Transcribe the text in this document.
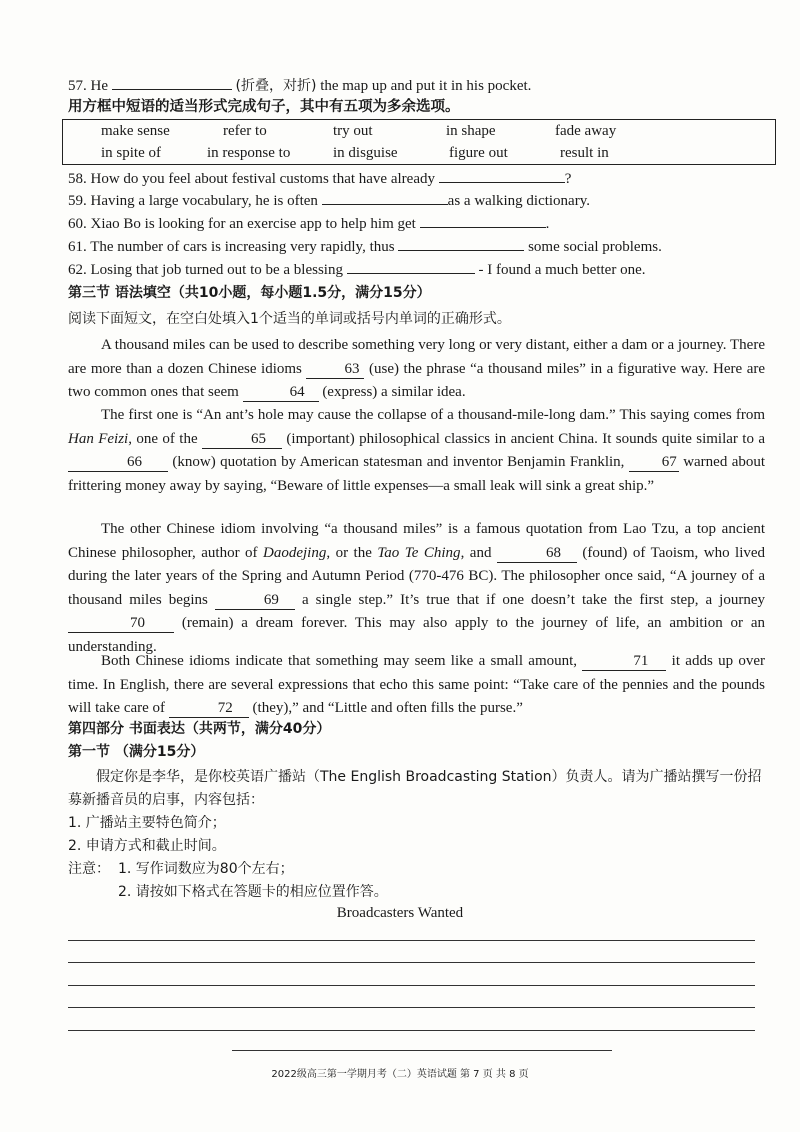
57. He	(折叠，对折) the map up and put it in his pocket.
用方框中短语的适当形式完成句子，其中有五项为多余选项。
make sense	refer to	try out	in shape	fade away
in spite of	in response to	in disguise	figure out	result in
58. How do you feel about festival customs that have already	?
59. Having a large vocabulary, he is often	as a walking dictionary.
60. Xiao Bo is looking for an exercise app to help him get	.
61. The number of cars is increasing very rapidly, thus	some social problems.
62. Losing that job turned out to be a blessing	- I found a much better one.
第三节 语法填空（共10小题，每小题1.5分，满分15分）
阅读下面短文，在空白处填入1个适当的单词或括号内单词的正确形式。
A thousand miles can be used to describe something very long or very distant, either a dam or a journey. There are more than a dozen Chinese idioms	63 (use) the phrase “a thousand miles” in a figurative way. Here are two common ones that seem	64 (express) a similar idea.
The first one is “An ant’s hole may cause the collapse of a thousand-mile-long dam.” This saying comes from Han Feizi, one of the	65 (important) philosophical classics in ancient China. It sounds quite similar to a 66 (know) quotation by American statesman and inventor Benjamin Franklin, 67 warned about frittering money away by saying, “Beware of little expenses—a small leak will sink a great ship.”
The other Chinese idiom involving “a thousand miles” is a famous quotation from Lao Tzu, a top ancient Chinese philosopher, author of Daodejing, or the Tao Te Ching, and	68 (found) of Taoism, who lived during the later years of the Spring and Autumn Period (770-476 BC). The philosopher once said, “A journey of a thousand miles begins	69 a single step.” It’s true that if one doesn’t take the first step, a journey 70 (remain) a dream forever. This may also apply to the journey of life, an ambition or an understanding.
Both Chinese idioms indicate that something may seem like a small amount,	71 it adds up over time. In English, there are several expressions that echo this same point: “Take care of the pennies and the pounds will take care of	72 (they),” and “Little and often fills the purse.”
第四部分 书面表达（共两节，满分40分）
第一节 （满分15分）
假定你是李华，是你校英语广播站（The English Broadcasting Station）负责人。请为广播站撰写一份招募新播音员的启事，内容包括：
1. 广播站主要特色简介；
2. 申请方式和截止时间。
注意： 1. 写作词数应为80个左右；
2. 请按如下格式在答题卡的相应位置作答。
Broadcasters Wanted
2022级高三第一学期月考（二）英语试题 第 7 页 共 8 页
